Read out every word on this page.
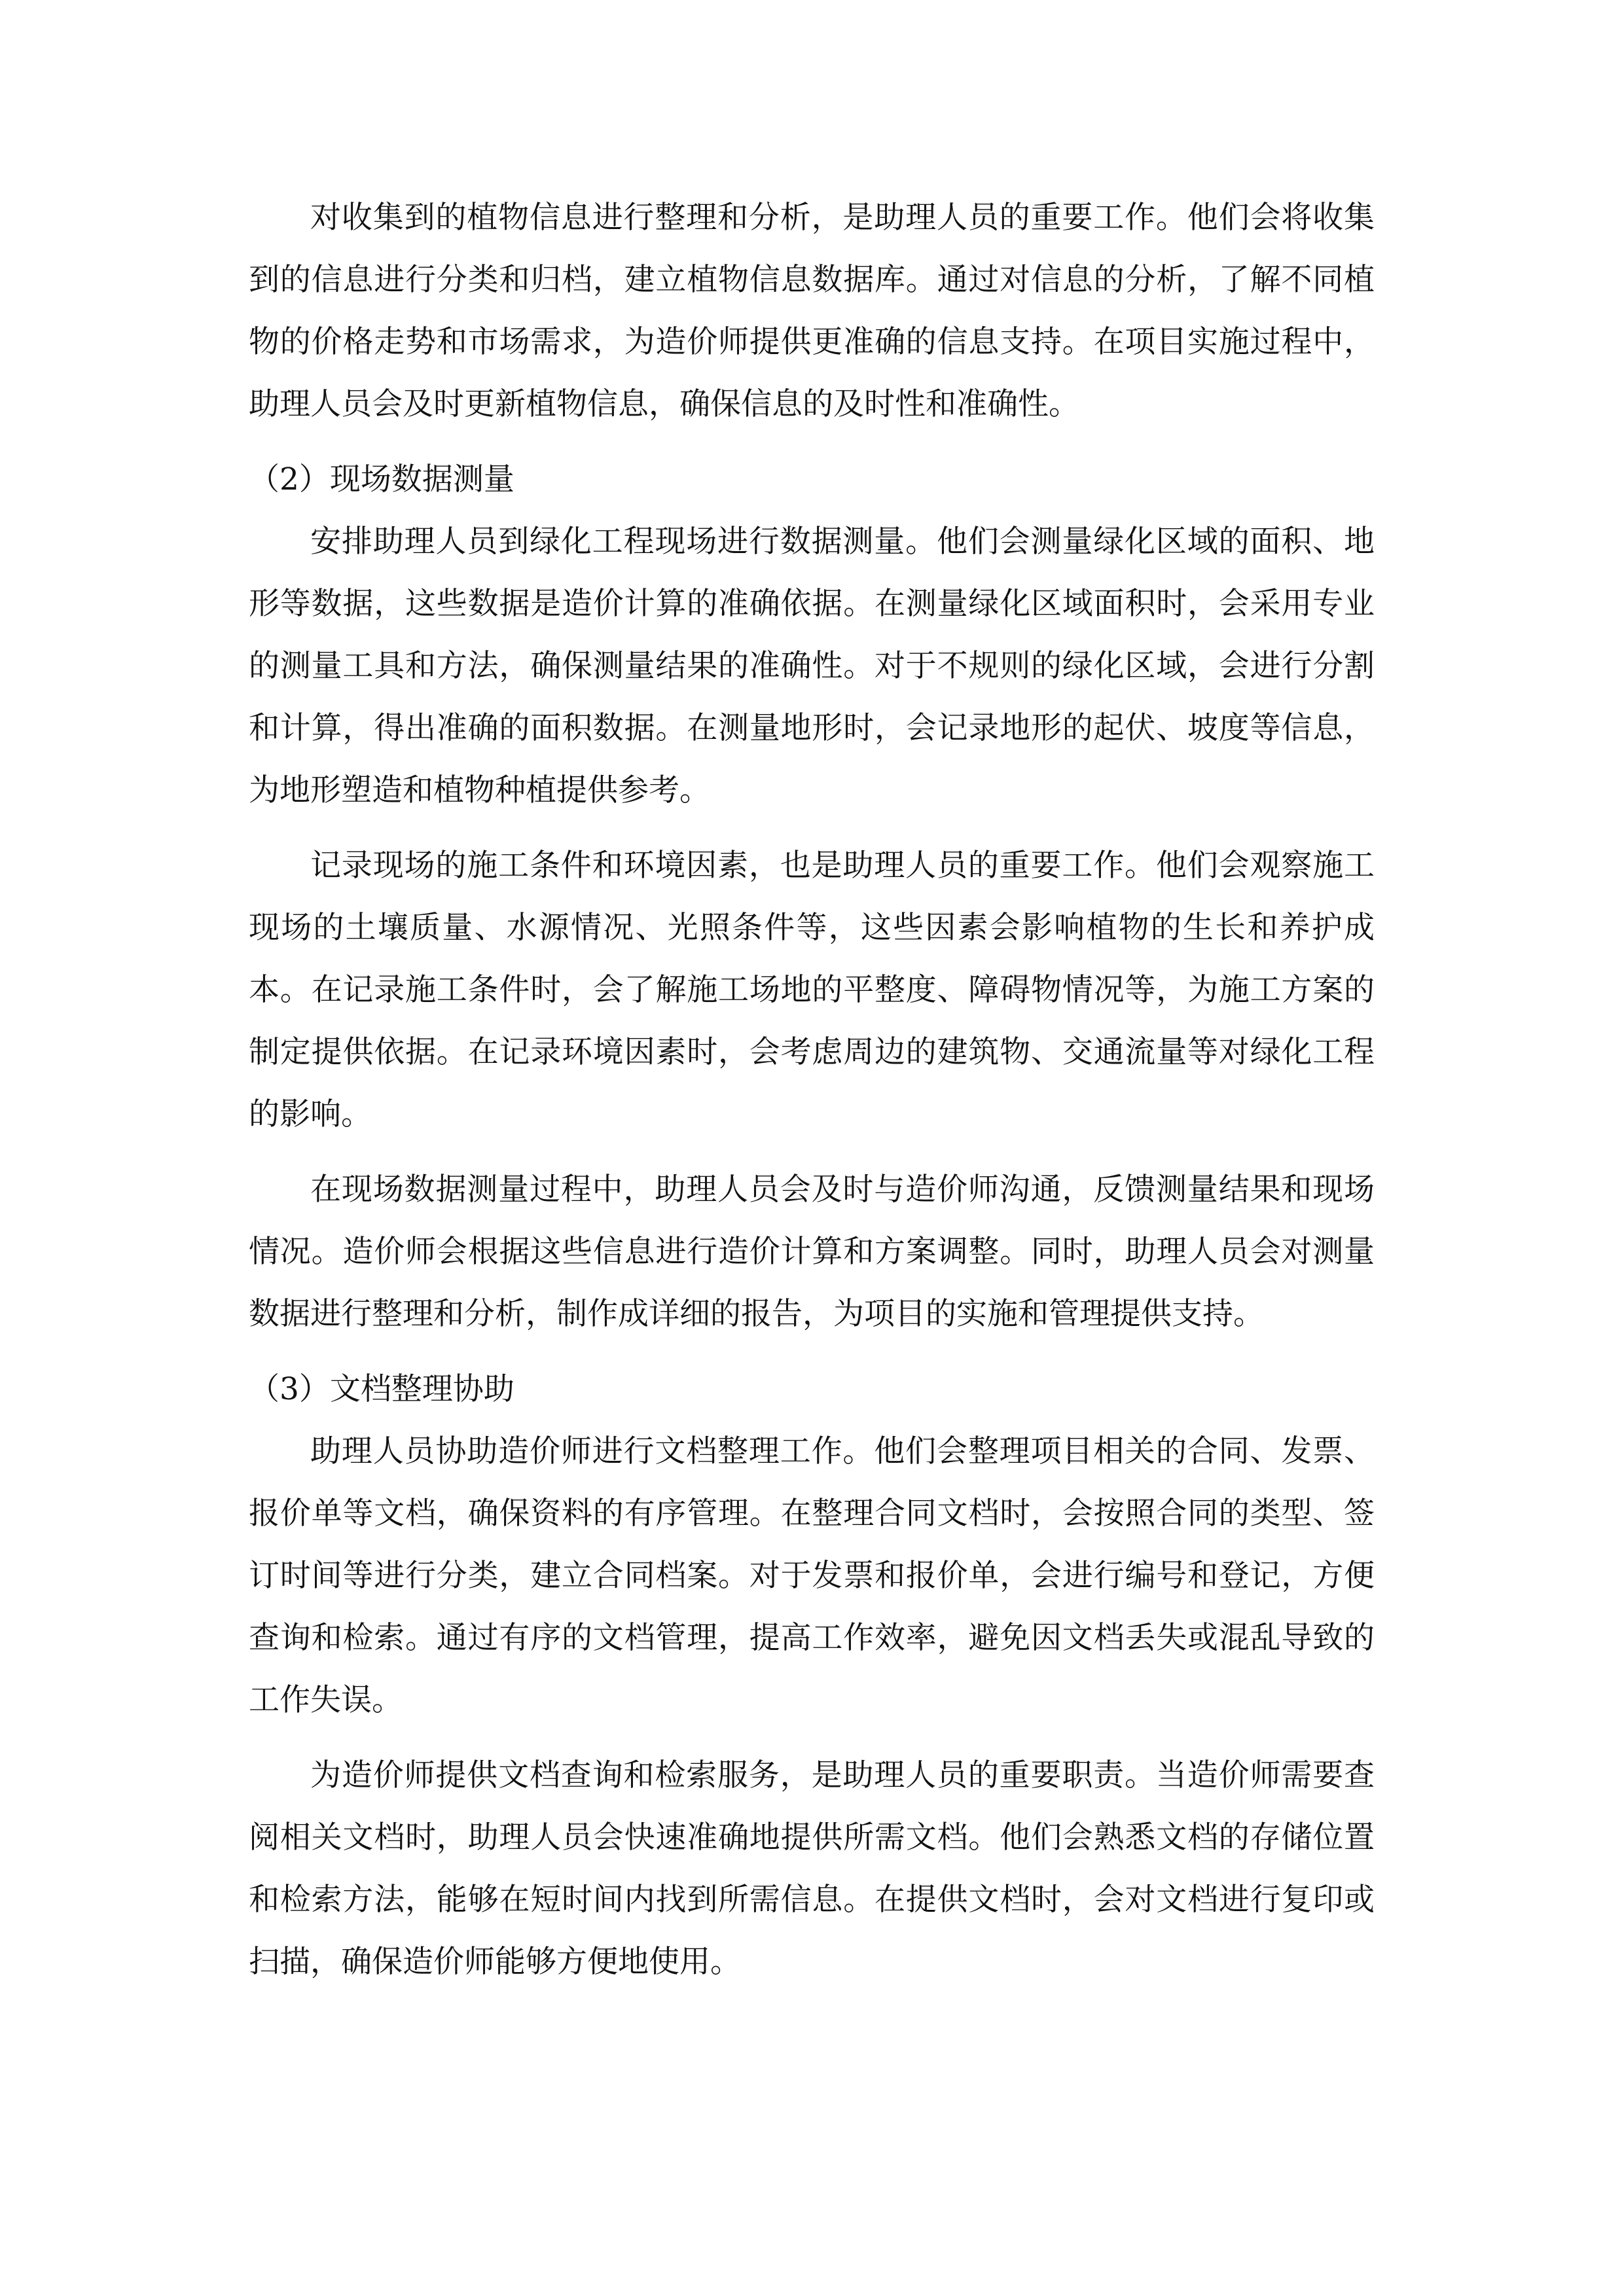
对收集到的植物信息进行整理和分析，是助理人员的重要工作。他们会将收集到的信息进行分类和归档，建立植物信息数据库。通过对信息的分析，了解不同植物的价格走势和市场需求，为造价师提供更准确的信息支持。在项目实施过程中，助理人员会及时更新植物信息，确保信息的及时性和准确性。

（2）现场数据测量

安排助理人员到绿化工程现场进行数据测量。他们会测量绿化区域的面积、地形等数据，这些数据是造价计算的准确依据。在测量绿化区域面积时，会采用专业的测量工具和方法，确保测量结果的准确性。对于不规则的绿化区域，会进行分割和计算，得出准确的面积数据。在测量地形时，会记录地形的起伏、坡度等信息，为地形塑造和植物种植提供参考。

记录现场的施工条件和环境因素，也是助理人员的重要工作。他们会观察施工现场的土壤质量、水源情况、光照条件等，这些因素会影响植物的生长和养护成本。在记录施工条件时，会了解施工场地的平整度、障碍物情况等，为施工方案的制定提供依据。在记录环境因素时，会考虑周边的建筑物、交通流量等对绿化工程的影响。

在现场数据测量过程中，助理人员会及时与造价师沟通，反馈测量结果和现场情况。造价师会根据这些信息进行造价计算和方案调整。同时，助理人员会对测量数据进行整理和分析，制作成详细的报告，为项目的实施和管理提供支持。

（3）文档整理协助

助理人员协助造价师进行文档整理工作。他们会整理项目相关的合同、发票、报价单等文档，确保资料的有序管理。在整理合同文档时，会按照合同的类型、签订时间等进行分类，建立合同档案。对于发票和报价单，会进行编号和登记，方便查询和检索。通过有序的文档管理，提高工作效率，避免因文档丢失或混乱导致的工作失误。

为造价师提供文档查询和检索服务，是助理人员的重要职责。当造价师需要查阅相关文档时，助理人员会快速准确地提供所需文档。他们会熟悉文档的存储位置和检索方法，能够在短时间内找到所需信息。在提供文档时，会对文档进行复印或扫描，确保造价师能够方便地使用。
